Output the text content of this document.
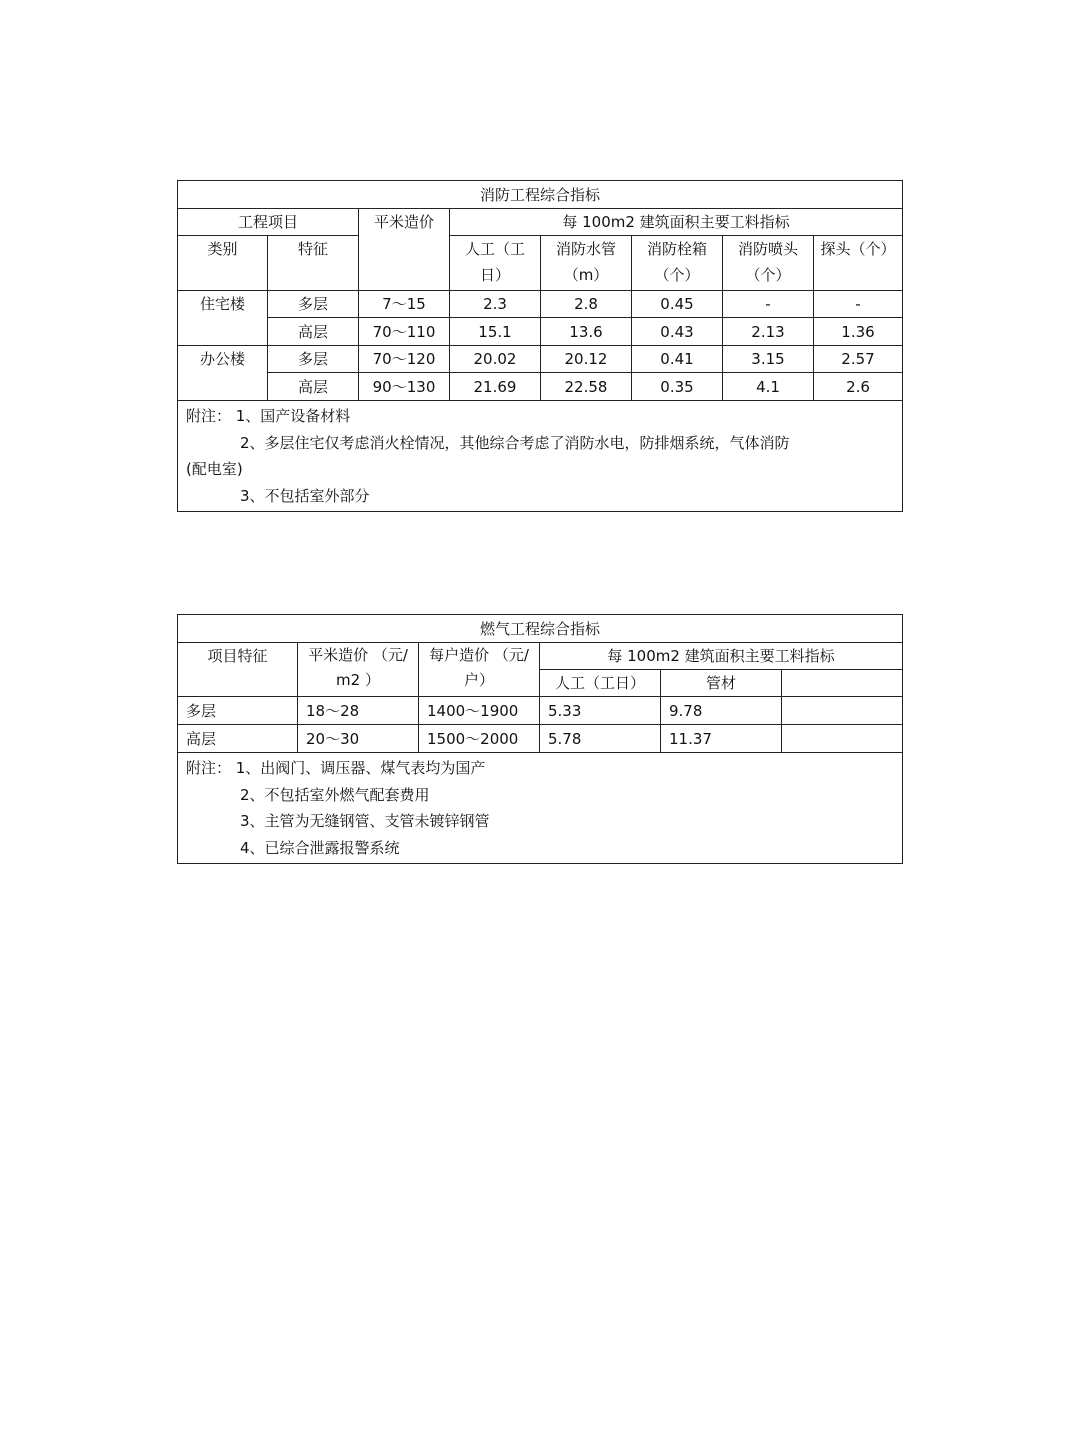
消防工程综合指标							
工程项目		平米造价	每 100m2 建筑面积主要工料指标				
类别	特征		人工（工日）	消防水管（m）	消防栓箱（个）	消防喷头（个）	探头（个）
住宅楼	多层	7～15	2.3	2.8	0.45	-	-
	高层	70～110	15.1	13.6	0.43	2.13	1.36
办公楼	多层	70～120	20.02	20.12	0.41	3.15	2.57
	高层	90～130	21.69	22.58	0.35	4.1	2.6

附注： 1、国产设备材料
2、多层住宅仅考虑消火栓情况，其他综合考虑了消防水电，防排烟系统，气体消防
(配电室)
3、不包括室外部分							
燃气工程综合指标					
项目特征	平米造价 （元/m2 ）	每户造价 （元/户）	每 100m2 建筑面积主要工料指标		
			人工（工日）	管材	
多层	18～28	1400～1900	5.33	9.78	
高层	20～30	1500～2000	5.78	11.37	

附注： 1、出阀门、调压器、煤气表均为国产
2、不包括室外燃气配套费用
3、主管为无缝钢管、支管未镀锌钢管
4、已综合泄露报警系统					
